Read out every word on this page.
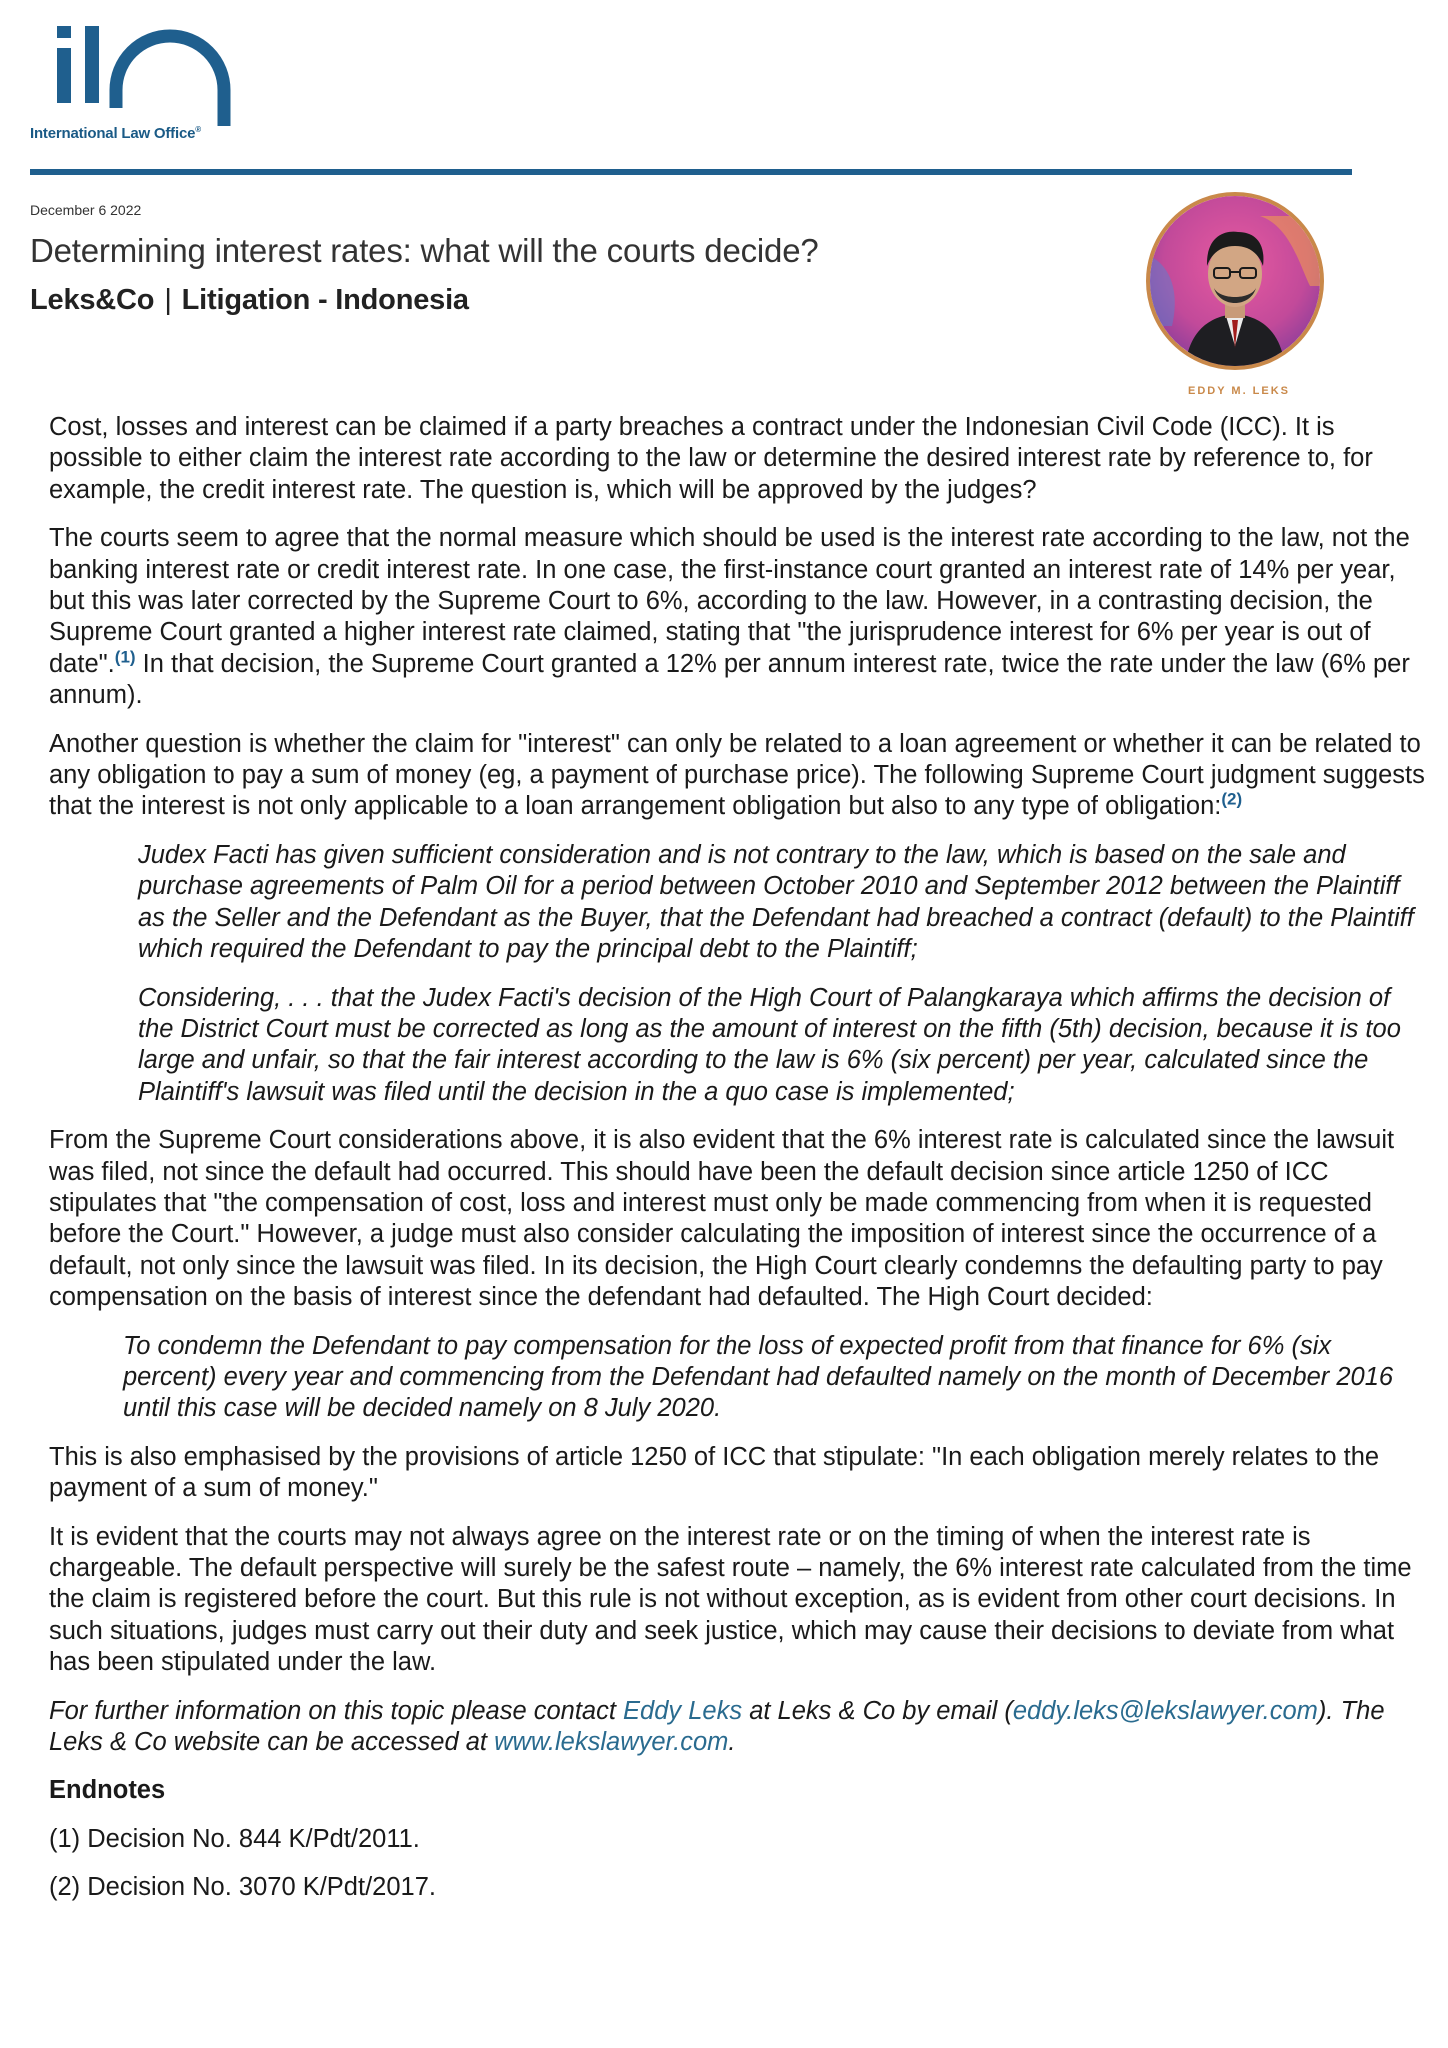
International Law Office®
December 6 2022
Determining interest rates: what will the courts decide?
Leks&Co | Litigation - Indonesia
EDDY M. LEKS

Cost, losses and interest can be claimed if a party breaches a contract under the Indonesian Civil Code (ICC). It is possible to either claim the interest rate according to the law or determine the desired interest rate by reference to, for example, the credit interest rate. The question is, which will be approved by the judges?

The courts seem to agree that the normal measure which should be used is the interest rate according to the law, not the banking interest rate or credit interest rate. In one case, the first-instance court granted an interest rate of 14% per year, but this was later corrected by the Supreme Court to 6%, according to the law. However, in a contrasting decision, the Supreme Court granted a higher interest rate claimed, stating that "the jurisprudence interest for 6% per year is out of date".$^{(1)}$ In that decision, the Supreme Court granted a 12% per annum interest rate, twice the rate under the law (6% per annum).

Another question is whether the claim for "interest" can only be related to a loan agreement or whether it can be related to any obligation to pay a sum of money (eg, a payment of purchase price). The following Supreme Court judgment suggests that the interest is not only applicable to a loan arrangement obligation but also to any type of obligation:$^{(2)}$

Judex Facti has given sufficient consideration and is not contrary to the law, which is based on the sale and purchase agreements of Palm Oil for a period between October 2010 and September 2012 between the Plaintiff as the Seller and the Defendant as the Buyer, that the Defendant had breached a contract (default) to the Plaintiff which required the Defendant to pay the principal debt to the Plaintiff;

Considering, . . . that the Judex Facti's decision of the High Court of Palangkaraya which affirms the decision of the District Court must be corrected as long as the amount of interest on the fifth (5th) decision, because it is too large and unfair, so that the fair interest according to the law is 6% (six percent) per year, calculated since the Plaintiff's lawsuit was filed until the decision in the a quo case is implemented;

From the Supreme Court considerations above, it is also evident that the 6% interest rate is calculated since the lawsuit was filed, not since the default had occurred. This should have been the default decision since article 1250 of ICC stipulates that "the compensation of cost, loss and interest must only be made commencing from when it is requested before the Court." However, a judge must also consider calculating the imposition of interest since the occurrence of a default, not only since the lawsuit was filed. In its decision, the High Court clearly condemns the defaulting party to pay compensation on the basis of interest since the defendant had defaulted. The High Court decided:

To condemn the Defendant to pay compensation for the loss of expected profit from that finance for 6% (six percent) every year and commencing from the Defendant had defaulted namely on the month of December 2016 until this case will be decided namely on 8 July 2020.

This is also emphasised by the provisions of article 1250 of ICC that stipulate: "In each obligation merely relates to the payment of a sum of money."

It is evident that the courts may not always agree on the interest rate or on the timing of when the interest rate is chargeable. The default perspective will surely be the safest route – namely, the 6% interest rate calculated from the time the claim is registered before the court. But this rule is not without exception, as is evident from other court decisions. In such situations, judges must carry out their duty and seek justice, which may cause their decisions to deviate from what has been stipulated under the law.

For further information on this topic please contact Eddy Leks at Leks & Co by email (eddy.leks@lekslawyer.com). The Leks & Co website can be accessed at www.lekslawyer.com.

Endnotes

(1) Decision No. 844 K/Pdt/2011.

(2) Decision No. 3070 K/Pdt/2017.
